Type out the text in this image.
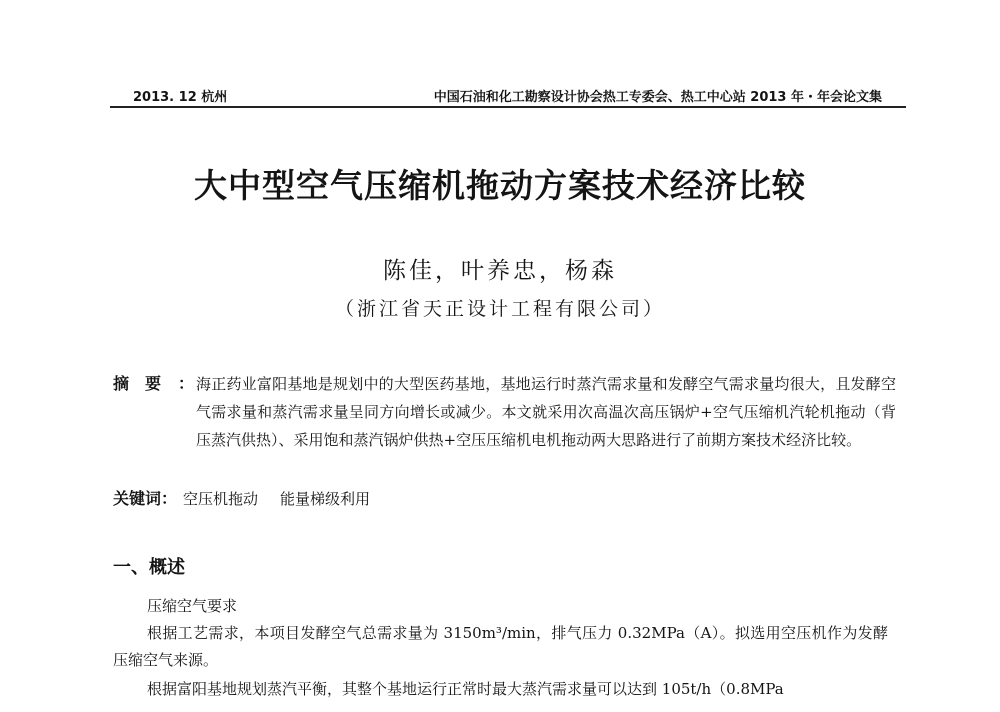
2013. 12 杭州	中国石油和化工勘察设计协会热工专委会、热工中心站 2013 年・年会论文集
大中型空气压缩机拖动方案技术经济比较
陈佳，叶养忠，杨森
（浙江省天正设计工程有限公司）
摘要 ： 海正药业富阳基地是规划中的大型医药基地，基地运行时蒸汽需求量和发酵空气需求量均很大，且发酵空气需求量和蒸汽需求量呈同方向增长或减少。本文就采用次高温次高压锅炉+空气压缩机汽轮机拖动（背压蒸汽供热）、采用饱和蒸汽锅炉供热+空压压缩机电机拖动两大思路进行了前期方案技术经济比较。
关键词： 空压机拖动 能量梯级利用
一、概述
压缩空气要求
根据工艺需求，本项目发酵空气总需求量为 3150m³/min，排气压力 0.32MPa（A）。拟选用空压机作为发酵压缩空气来源。
根据富阳基地规划蒸汽平衡，其整个基地运行正常时最大蒸汽需求量可以达到 105t/h（0.8MPa
